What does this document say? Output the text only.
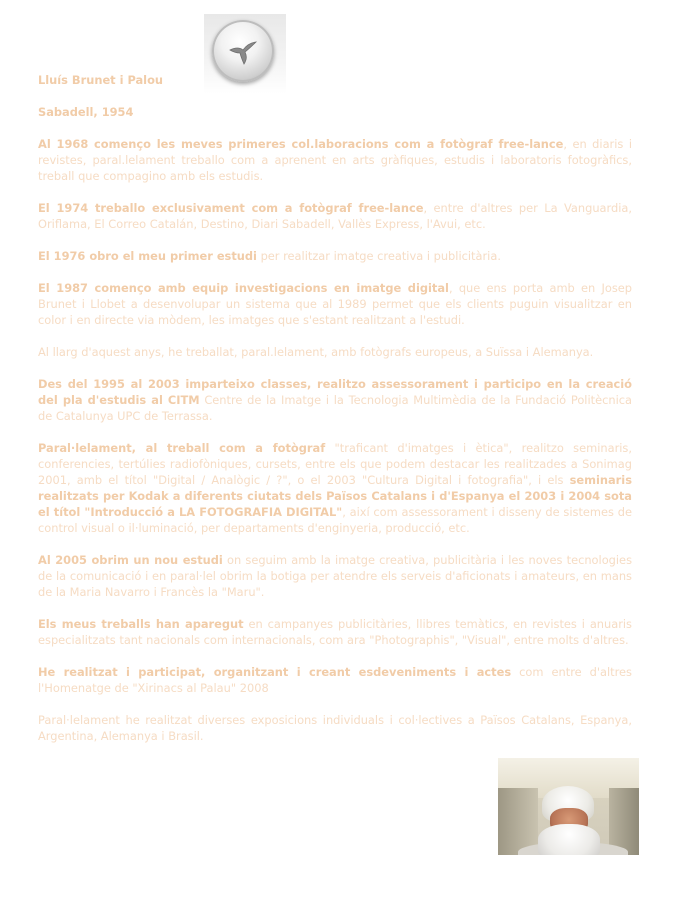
Lluís Brunet i Palou

Sabadell, 1954

Al 1968 començo les meves primeres col.laboracions com a fotògraf free-lance, en diaris i revistes, paral.lelament treballo com a aprenent en arts gràfiques, estudis i laboratoris fotogràfics, treball que compagino amb els estudis.

El 1974 treballo exclusivament com a fotògraf free-lance, entre d'altres per La Vanguardia, Oriflama, El Correo Catalán, Destino, Diari Sabadell, Vallès Express, l'Avui, etc.

El 1976 obro el meu primer estudi per realitzar imatge creativa i publicitària.

El 1987 començo amb equip investigacions en imatge digital, que ens porta amb en Josep Brunet i Llobet a desenvolupar un sistema que al 1989 permet que els clients puguin visualitzar en color i en directe via mòdem, les imatges que s'estant realitzant a l'estudi.

Al llarg d'aquest anys, he treballat, paral.lelament, amb fotògrafs europeus, a Suïssa i Alemanya.

Des del 1995 al 2003 imparteixo classes, realitzo assessorament i participo en la creació del pla d'estudis al CITM Centre de la Imatge i la Tecnologia Multimèdia de la Fundació Politècnica de Catalunya UPC de Terrassa.

Paral·lelament, al treball com a fotògraf "traficant d'imatges i ètica", realitzo seminaris, conferencies, tertúlies radiofòniques, cursets, entre els que podem destacar les realitzades a Sonimag 2001, amb el títol "Digital / Analògic / ?", o el 2003 "Cultura Digital i fotografia", i els seminaris realitzats per Kodak a diferents ciutats dels Països Catalans i d'Espanya el 2003 i 2004 sota el títol "Introducció a LA FOTOGRAFIA DIGITAL", així com assessorament i disseny de sistemes de control visual o il·luminació, per departaments d'enginyeria, producció, etc.

Al 2005 obrim un nou estudi on seguim amb la imatge creativa, publicitària i les noves tecnologies de la comunicació i en paral·lel obrim la botiga per atendre els serveis d'aficionats i amateurs, en mans de la Maria Navarro i Francès la "Maru".

Els meus treballs han aparegut en campanyes publicitàries, llibres temàtics, en revistes i anuaris especialitzats tant nacionals com internacionals, com ara "Photographis", "Visual", entre molts d'altres.

He realitzat i participat, organitzant i creant esdeveniments i actes com entre d'altres l'Homenatge de "Xirinacs al Palau" 2008

Paral·lelament he realitzat diverses exposicions individuals i col·lectives a Països Catalans, Espanya, Argentina, Alemanya i Brasil.
